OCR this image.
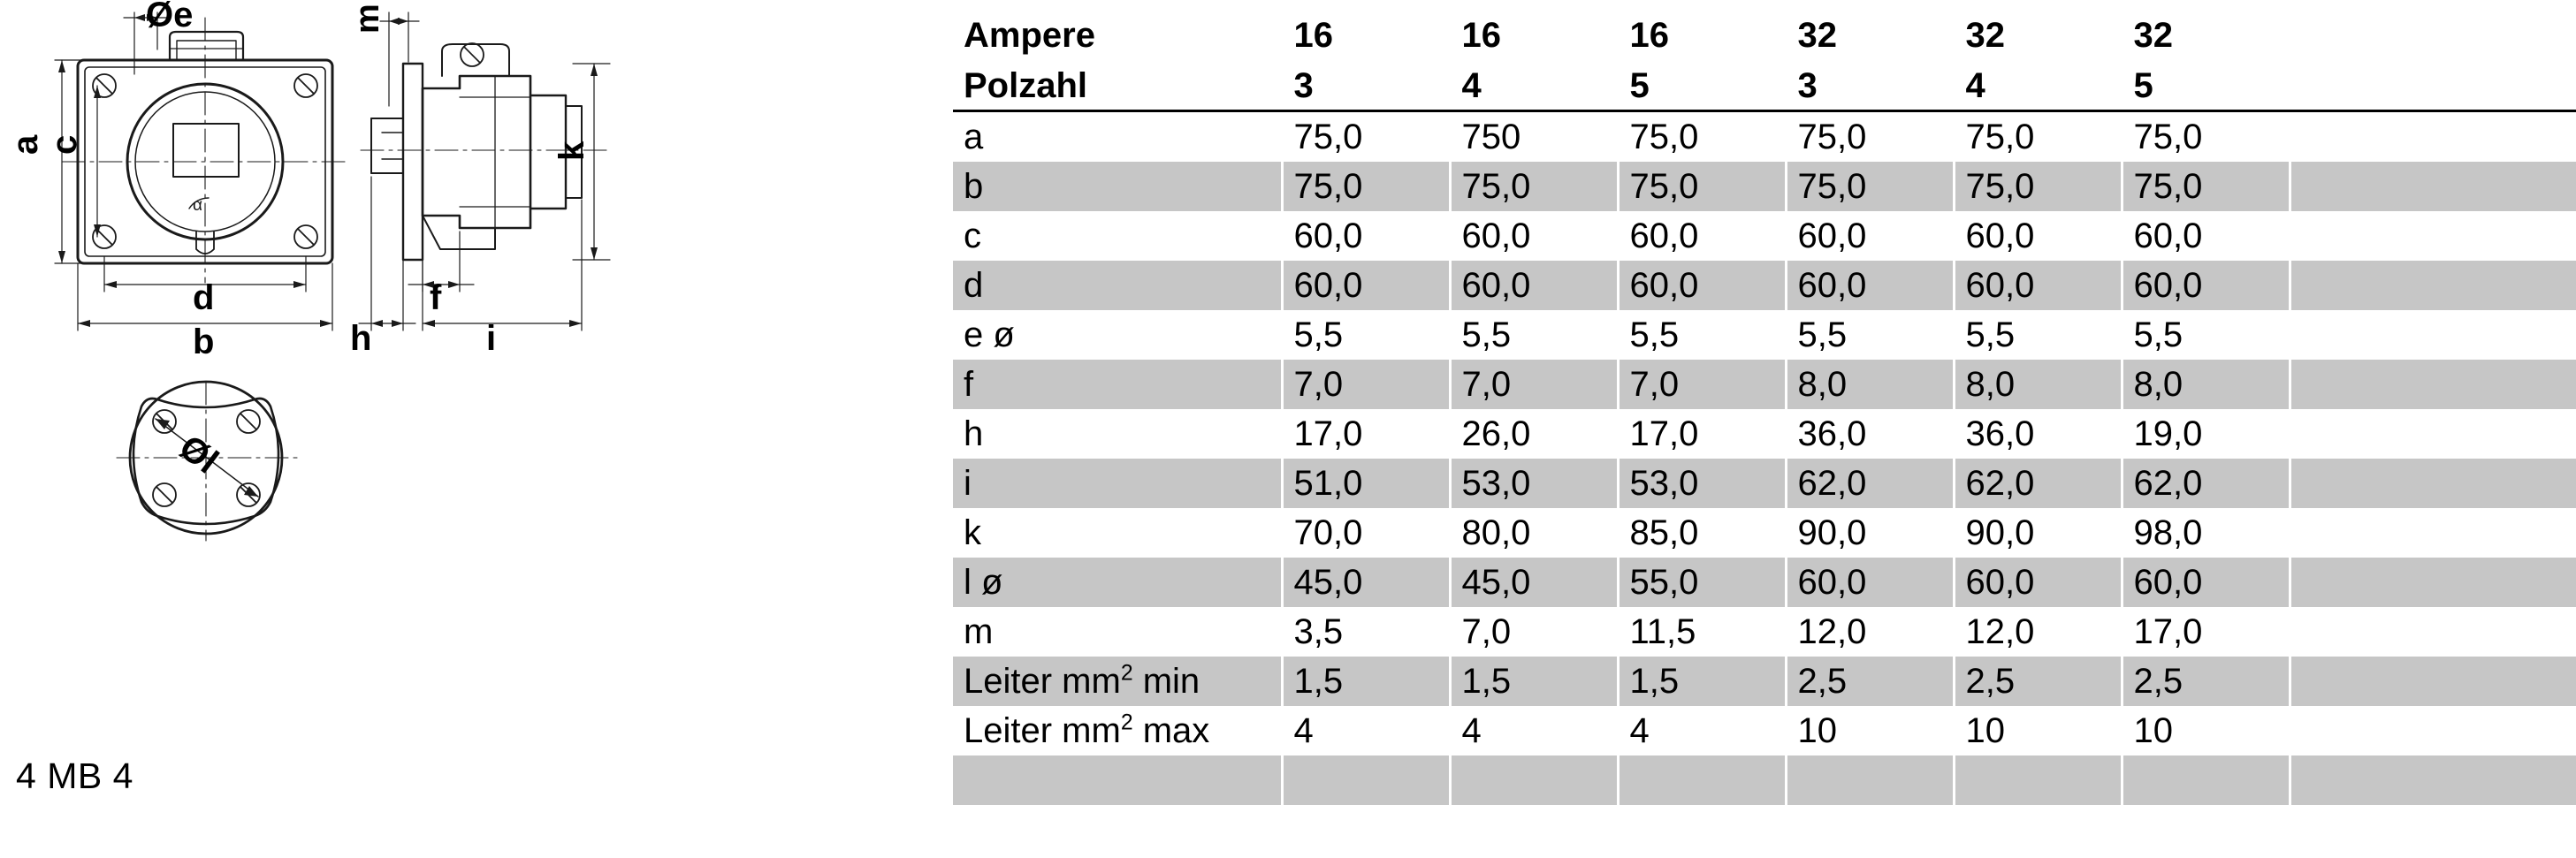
α
Øe	m
a c	k
d
b	h
f
i
Øl
4 MB 4
Ampere	16	16	16	32	32	32	
Polzahl	3	4	5	3	4	5	
a	75,0	750	75,0	75,0	75,0	75,0	
b	75,0	75,0	75,0	75,0	75,0	75,0	
c	60,0	60,0	60,0	60,0	60,0	60,0	
d	60,0	60,0	60,0	60,0	60,0	60,0	
e ø	5,5	5,5	5,5	5,5	5,5	5,5	
f	7,0	7,0	7,0	8,0	8,0	8,0	
h	17,0	26,0	17,0	36,0	36,0	19,0	
i	51,0	53,0	53,0	62,0	62,0	62,0	
k	70,0	80,0	85,0	90,0	90,0	98,0	
l ø	45,0	45,0	55,0	60,0	60,0	60,0	
m	3,5	7,0	11,5	12,0	12,0	17,0	
Leiter $mm^2$ min	1,5	1,5	1,5	2,5	2,5	2,5	
Leiter $mm^2$ max	4	4	4	10	10	10	
